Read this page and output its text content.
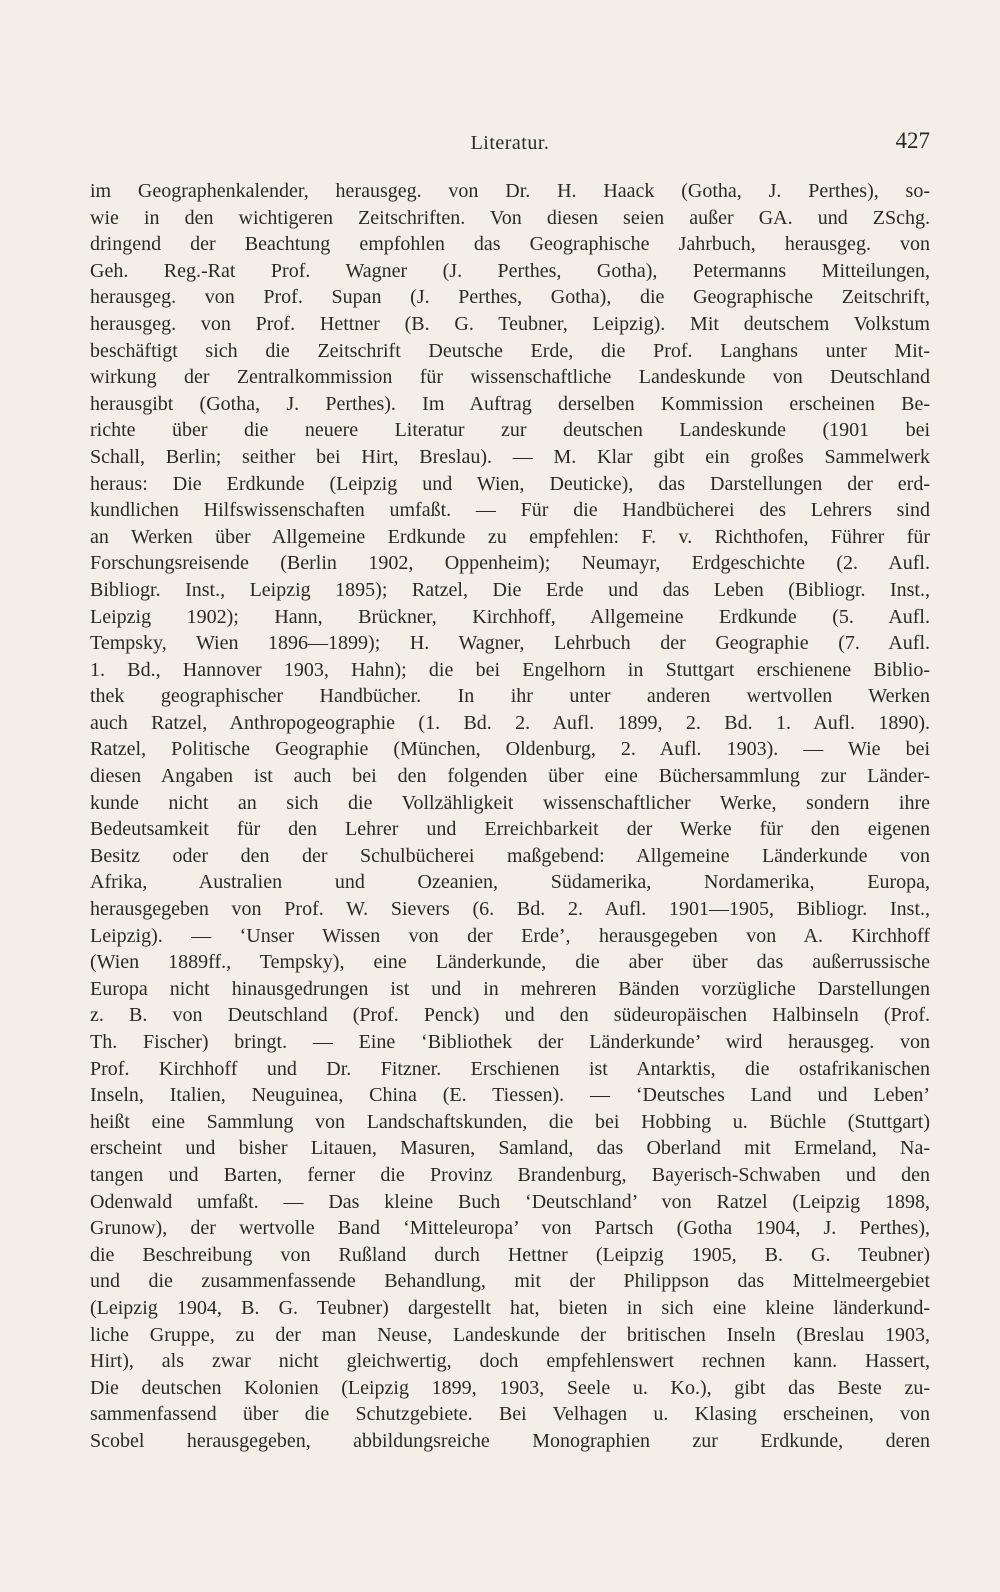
Literatur.	427
im Geographenkalender, herausgeg. von Dr. H. Haack (Gotha, J. Perthes), so-
wie in den wichtigeren Zeitschriften. Von diesen seien außer GA. und ZSchg.
dringend der Beachtung empfohlen das Geographische Jahrbuch, herausgeg. von
Geh. Reg.-Rat Prof. Wagner (J. Perthes, Gotha), Petermanns Mitteilungen,
herausgeg. von Prof. Supan (J. Perthes, Gotha), die Geographische Zeitschrift,
herausgeg. von Prof. Hettner (B. G. Teubner, Leipzig). Mit deutschem Volkstum
beschäftigt sich die Zeitschrift Deutsche Erde, die Prof. Langhans unter Mit-
wirkung der Zentralkommission für wissenschaftliche Landeskunde von Deutschland
herausgibt (Gotha, J. Perthes). Im Auftrag derselben Kommission erscheinen Be-
richte über die neuere Literatur zur deutschen Landeskunde (1901 bei
Schall, Berlin; seither bei Hirt, Breslau). — M. Klar gibt ein großes Sammelwerk
heraus: Die Erdkunde (Leipzig und Wien, Deuticke), das Darstellungen der erd-
kundlichen Hilfswissenschaften umfaßt. — Für die Handbücherei des Lehrers sind
an Werken über Allgemeine Erdkunde zu empfehlen: F. v. Richthofen, Führer für
Forschungsreisende (Berlin 1902, Oppenheim); Neumayr, Erdgeschichte (2. Aufl.
Bibliogr. Inst., Leipzig 1895); Ratzel, Die Erde und das Leben (Bibliogr. Inst.,
Leipzig 1902); Hann, Brückner, Kirchhoff, Allgemeine Erdkunde (5. Aufl.
Tempsky, Wien 1896—1899); H. Wagner, Lehrbuch der Geographie (7. Aufl.
1. Bd., Hannover 1903, Hahn); die bei Engelhorn in Stuttgart erschienene Biblio-
thek geographischer Handbücher. In ihr unter anderen wertvollen Werken
auch Ratzel, Anthropogeographie (1. Bd. 2. Aufl. 1899, 2. Bd. 1. Aufl. 1890).
Ratzel, Politische Geographie (München, Oldenburg, 2. Aufl. 1903). — Wie bei
diesen Angaben ist auch bei den folgenden über eine Büchersammlung zur Länder-
kunde nicht an sich die Vollzähligkeit wissenschaftlicher Werke, sondern ihre
Bedeutsamkeit für den Lehrer und Erreichbarkeit der Werke für den eigenen
Besitz oder den der Schulbücherei maßgebend: Allgemeine Länderkunde von
Afrika, Australien und Ozeanien, Südamerika, Nordamerika, Europa,
herausgegeben von Prof. W. Sievers (6. Bd. 2. Aufl. 1901—1905, Bibliogr. Inst.,
Leipzig). — ‘Unser Wissen von der Erde’, herausgegeben von A. Kirchhoff
(Wien 1889ff., Tempsky), eine Länderkunde, die aber über das außerrussische
Europa nicht hinausgedrungen ist und in mehreren Bänden vorzügliche Darstellungen
z. B. von Deutschland (Prof. Penck) und den südeuropäischen Halbinseln (Prof.
Th. Fischer) bringt. — Eine ‘Bibliothek der Länderkunde’ wird herausgeg. von
Prof. Kirchhoff und Dr. Fitzner. Erschienen ist Antarktis, die ostafrikanischen
Inseln, Italien, Neuguinea, China (E. Tiessen). — ‘Deutsches Land und Leben’
heißt eine Sammlung von Landschaftskunden, die bei Hobbing u. Büchle (Stuttgart)
erscheint und bisher Litauen, Masuren, Samland, das Oberland mit Ermeland, Na-
tangen und Barten, ferner die Provinz Brandenburg, Bayerisch-Schwaben und den
Odenwald umfaßt. — Das kleine Buch ‘Deutschland’ von Ratzel (Leipzig 1898,
Grunow), der wertvolle Band ‘Mitteleuropa’ von Partsch (Gotha 1904, J. Perthes),
die Beschreibung von Rußland durch Hettner (Leipzig 1905, B. G. Teubner)
und die zusammenfassende Behandlung, mit der Philippson das Mittelmeergebiet
(Leipzig 1904, B. G. Teubner) dargestellt hat, bieten in sich eine kleine länderkund-
liche Gruppe, zu der man Neuse, Landeskunde der britischen Inseln (Breslau 1903,
Hirt), als zwar nicht gleichwertig, doch empfehlenswert rechnen kann. Hassert,
Die deutschen Kolonien (Leipzig 1899, 1903, Seele u. Ko.), gibt das Beste zu-
sammenfassend über die Schutzgebiete. Bei Velhagen u. Klasing erscheinen, von
Scobel herausgegeben, abbildungsreiche Monographien zur Erdkunde, deren
